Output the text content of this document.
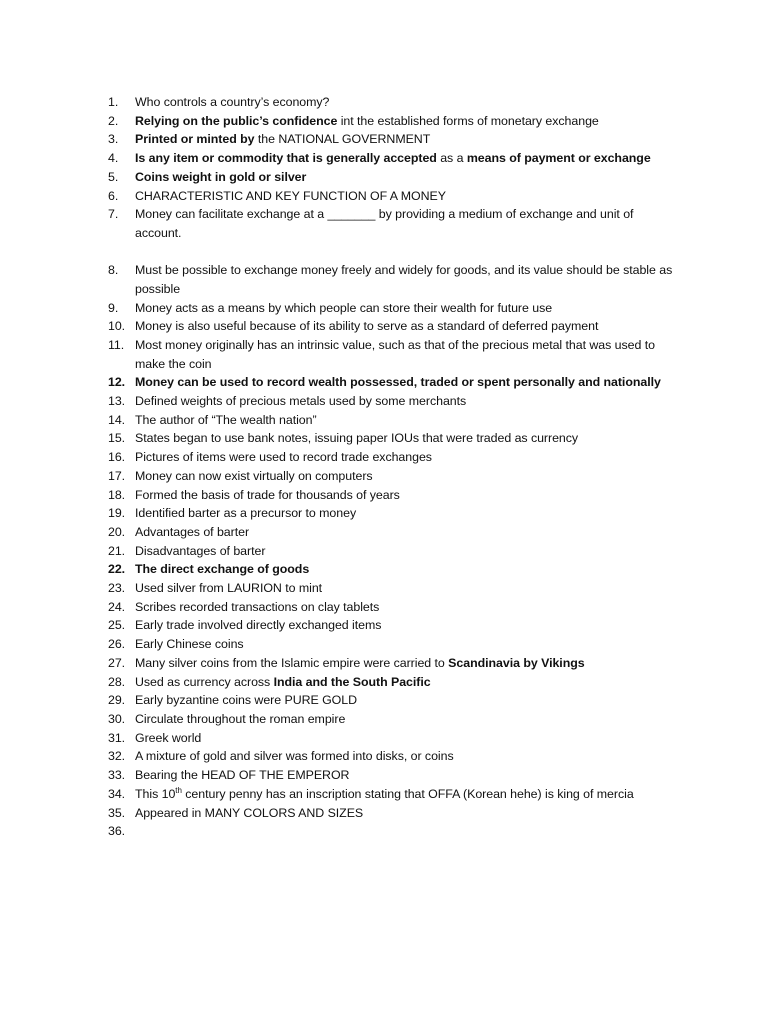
1.	Who controls a country’s economy?
2.	Relying on the public’s confidence int the established forms of monetary exchange
3.	Printed or minted by the NATIONAL GOVERNMENT
4.	Is any item or commodity that is generally accepted as a means of payment or exchange
5.	Coins weight in gold or silver
6.	CHARACTERISTIC AND KEY FUNCTION OF A MONEY
7.	Money can facilitate exchange at a _______ by providing a medium of exchange and unit of account.
8.	Must be possible to exchange money freely and widely for goods, and its value should be stable as possible
9.	Money acts as a means by which people can store their wealth for future use
10. Money is also useful because of its ability to serve as a standard of deferred payment
11. Most money originally has an intrinsic value, such as that of the precious metal that was used to make the coin
12. Money can be used to record wealth possessed, traded or spent personally and nationally
13. Defined weights of precious metals used by some merchants
14. The author of “The wealth nation”
15. States began to use bank notes, issuing paper IOUs that were traded as currency
16. Pictures of items were used to record trade exchanges
17. Money can now exist virtually on computers
18. Formed the basis of trade for thousands of years
19. Identified barter as a precursor to money
20. Advantages of barter
21. Disadvantages of barter
22. The direct exchange of goods
23. Used silver from LAURION to mint
24. Scribes recorded transactions on clay tablets
25. Early trade involved directly exchanged items
26. Early Chinese coins
27. Many silver coins from the Islamic empire were carried to Scandinavia by Vikings
28. Used as currency across India and the South Pacific
29. Early byzantine coins were PURE GOLD
30. Circulate throughout the roman empire
31. Greek world
32. A mixture of gold and silver was formed into disks, or coins
33. Bearing the HEAD OF THE EMPEROR
34. This 10th century penny has an inscription stating that OFFA (Korean hehe) is king of mercia
35. Appeared in MANY COLORS AND SIZES
36.
